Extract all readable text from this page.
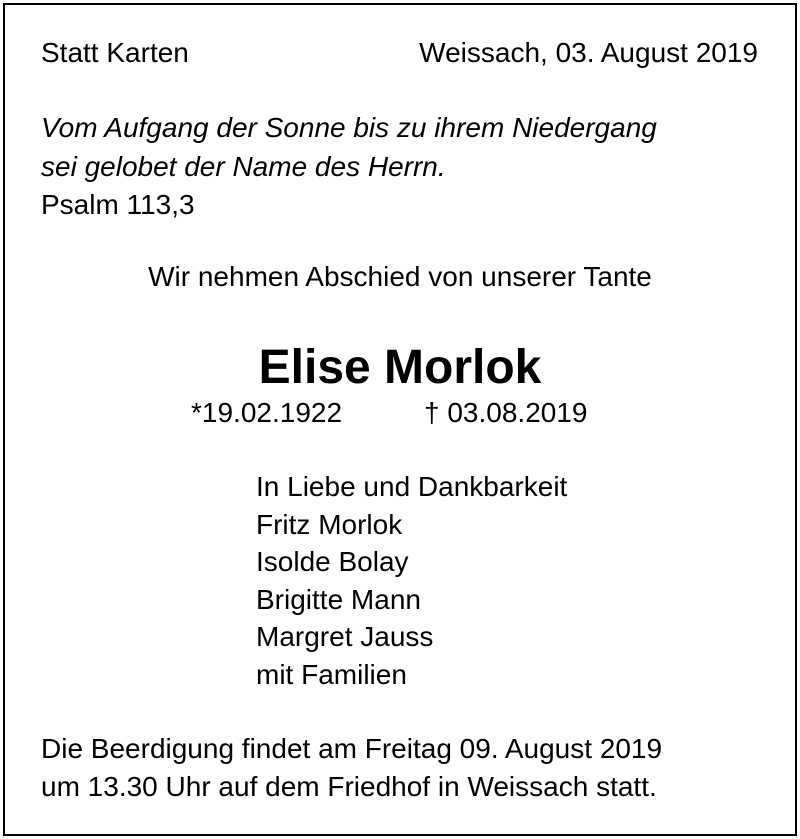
Statt Karten	Weissach, 03. August 2019

Vom Aufgang der Sonne bis zu ihrem Niedergang

sei gelobet der Name des Herrn.

Psalm 113,3

Wir nehmen Abschied von unserer Tante

Elise Morlok

*19.02.1922	† 03.08.2019

In Liebe und Dankbarkeit
Fritz Morlok
Isolde Bolay
Brigitte Mann
Margret Jauss
mit Familien

Die Beerdigung findet am Freitag 09. August 2019

um 13.30 Uhr auf dem Friedhof in Weissach statt.
